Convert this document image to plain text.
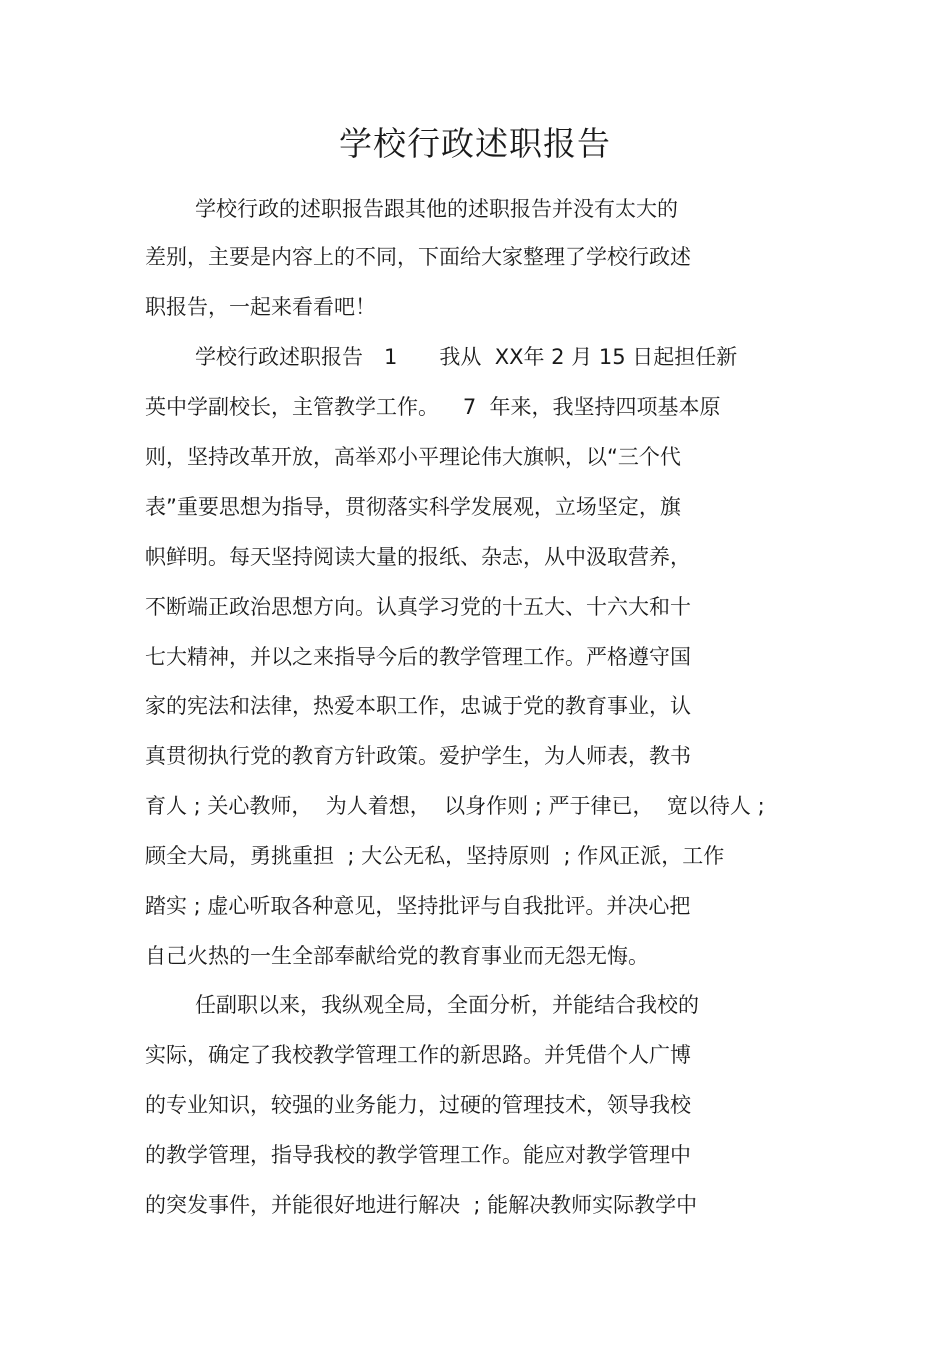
学校行政述职报告
学校行政的述职报告跟其他的述职报告并没有太大的
差别，主要是内容上的不同，下面给大家整理了学校行政述
职报告，一起来看看吧！
学校行政述职报告　1　　我从  XX年 2 月 15 日起担任新
英中学副校长，主管教学工作。　  7  年来，我坚持四项基本原
则，坚持改革开放，高举邓小平理论伟大旗帜，以“三个代
表”重要思想为指导，贯彻落实科学发展观，立场坚定，旗
帜鲜明。每天坚持阅读大量的报纸、杂志，从中汲取营养，
不断端正政治思想方向。认真学习党的十五大、十六大和十
七大精神，并以之来指导今后的教学管理工作。严格遵守国
家的宪法和法律，热爱本职工作，忠诚于党的教育事业，认
真贯彻执行党的教育方针政策。爱护学生，为人师表，教书
育人 ; 关心教师，  为人着想，  以身作则 ; 严于律已，  宽以待人 ;
顾全大局，勇挑重担  ; 大公无私，坚持原则  ; 作风正派，工作
踏实 ; 虚心听取各种意见，坚持批评与自我批评。并决心把
自己火热的一生全部奉献给党的教育事业而无怨无悔。
任副职以来，我纵观全局，全面分析，并能结合我校的
实际，确定了我校教学管理工作的新思路。并凭借个人广博
的专业知识，较强的业务能力，过硬的管理技术，领导我校
的教学管理，指导我校的教学管理工作。能应对教学管理中
的突发事件，并能很好地进行解决  ; 能解决教师实际教学中
